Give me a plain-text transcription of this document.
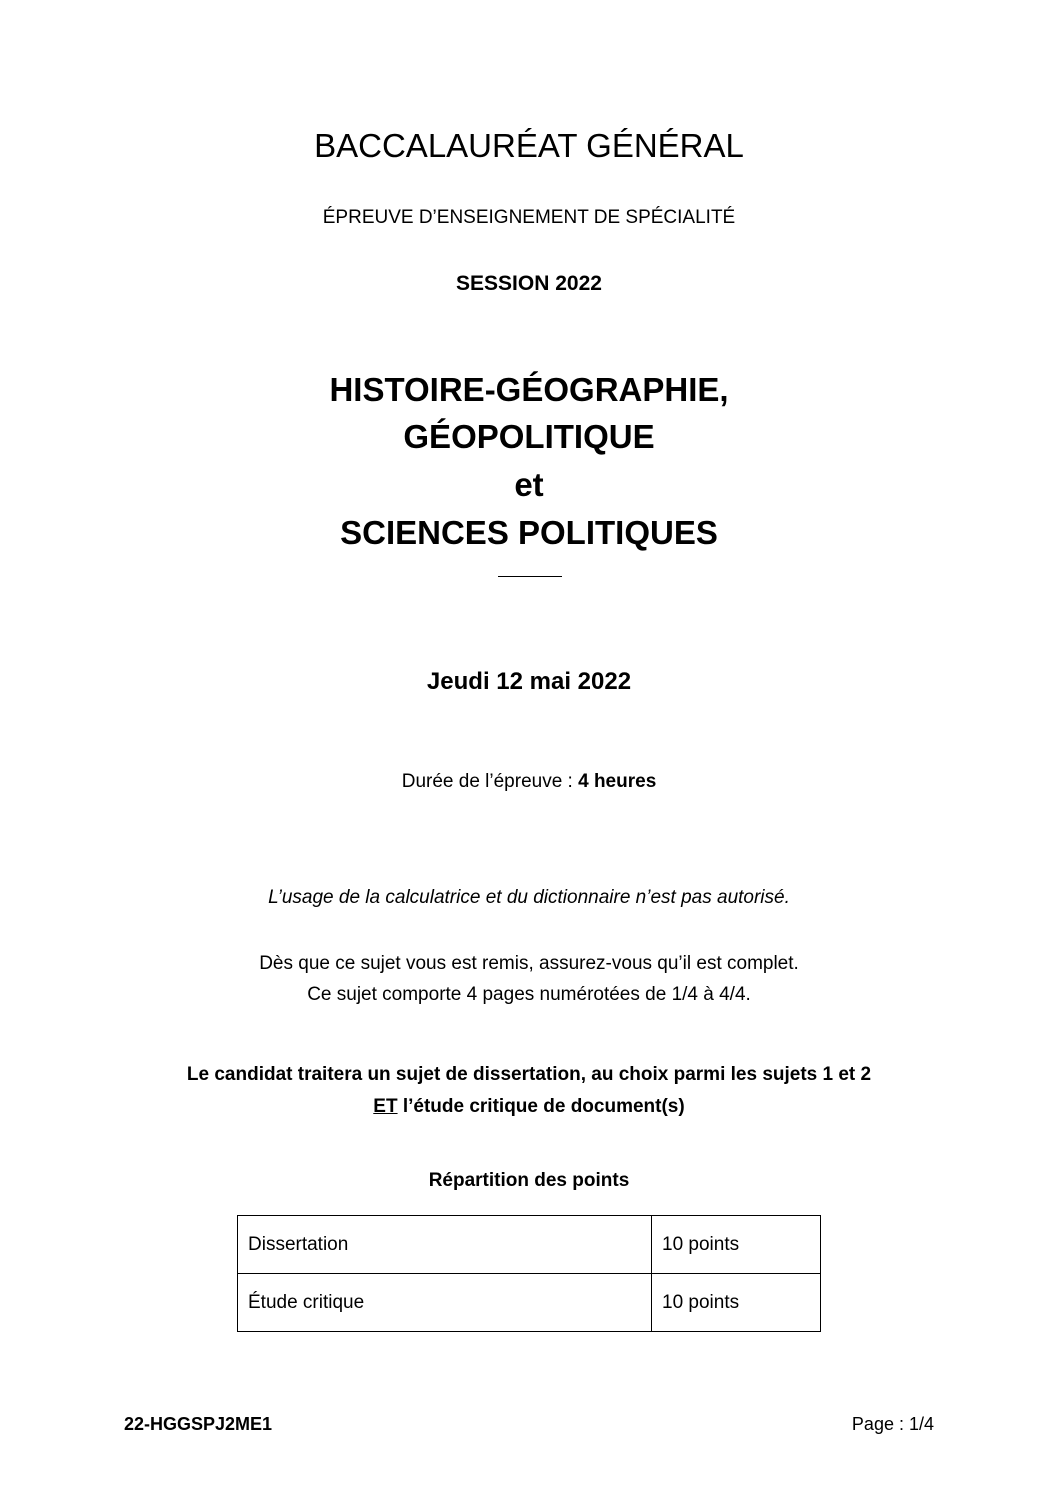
BACCALAURÉAT GÉNÉRAL
ÉPREUVE D’ENSEIGNEMENT DE SPÉCIALITÉ
SESSION 2022
HISTOIRE-GÉOGRAPHIE,
GÉOPOLITIQUE
et
SCIENCES POLITIQUES
Jeudi 12 mai 2022
Durée de l’épreuve : 4 heures
L’usage de la calculatrice et du dictionnaire n’est pas autorisé.
Dès que ce sujet vous est remis, assurez-vous qu’il est complet.
Ce sujet comporte 4 pages numérotées de 1/4 à 4/4.
Le candidat traitera un sujet de dissertation, au choix parmi les sujets 1 et 2
ET l’étude critique de document(s)
Répartition des points
Dissertation	10 points
Étude critique	10 points
22-HGGSPJ2ME1	Page : 1/4
